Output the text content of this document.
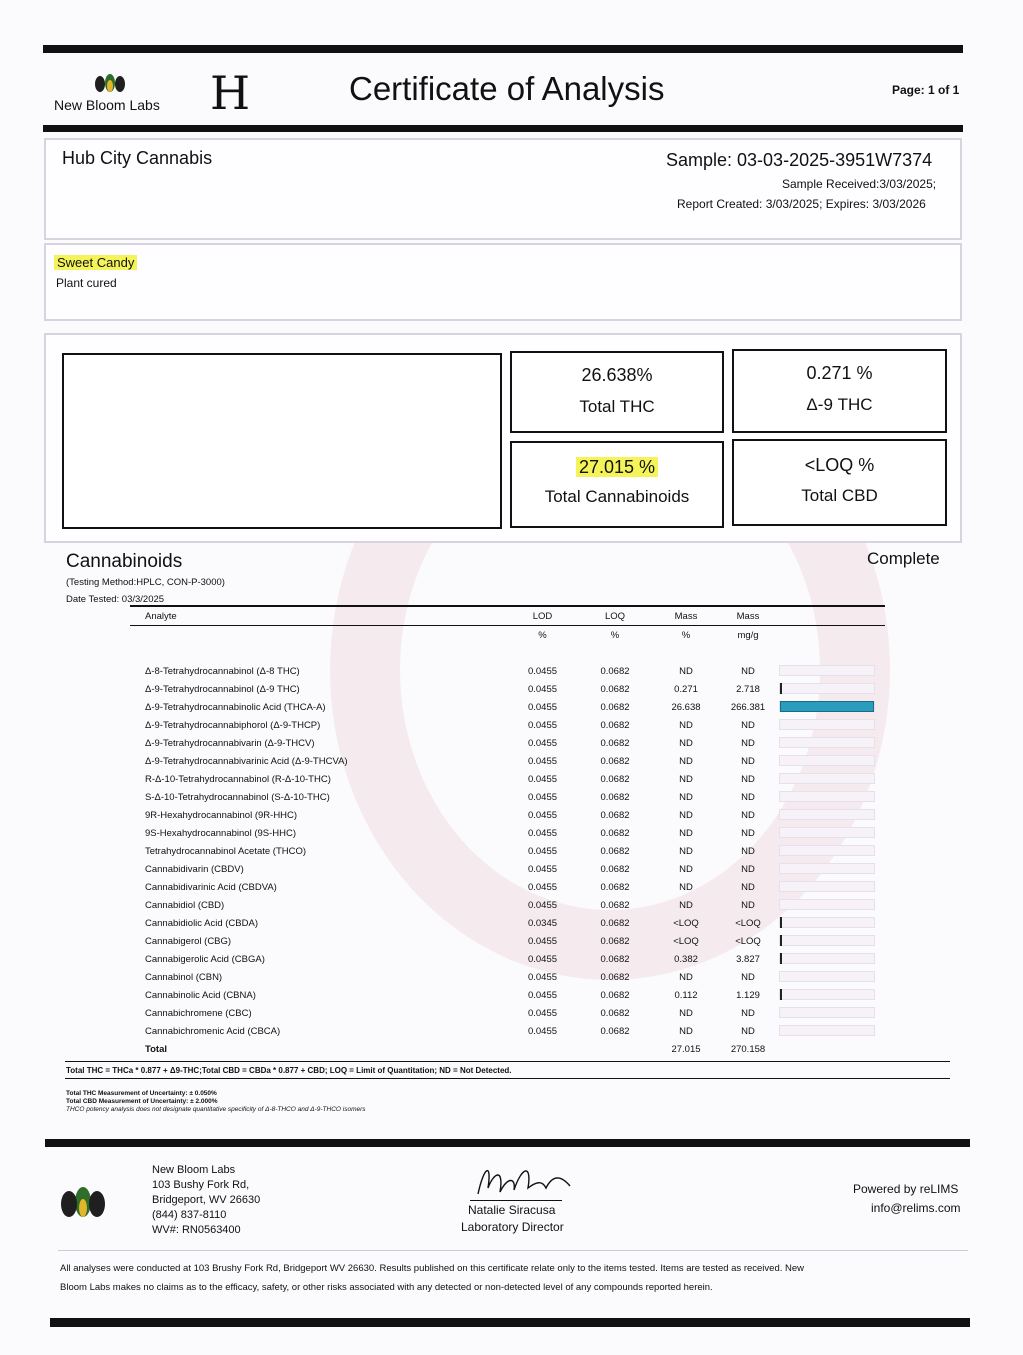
New Bloom Labs H	Certificate of Analysis	Page: 1 of 1
Hub City Cannabis	Sample: 03-03-2025-3951W7374
Sample Received:3/03/2025;
Report Created: 3/03/2025; Expires: 3/03/2026
Sweet Candy
Plant cured
26.638%
Total THC
0.271 %
Δ-9 THC
27.015 %
Total Cannabinoids
<LOQ %
Total CBD
Cannabinoids	Complete
(Testing Method:HPLC, CON-P-3000)
Date Tested: 03/3/2025
Analyte	LOD	LOQ	Mass	Mass	
	%	%	%	mg/g	

Δ-8-Tetrahydrocannabinol (Δ-8 THC)	0.0455	0.0682	ND	ND	
Δ-9-Tetrahydrocannabinol (Δ-9 THC)	0.0455	0.0682	0.271	2.718	

Δ-9-Tetrahydrocannabinolic Acid (THCA-A)	0.0455	0.0682	26.638	266.381	

Δ-9-Tetrahydrocannabiphorol (Δ-9-THCP)	0.0455	0.0682	ND	ND	
Δ-9-Tetrahydrocannabivarin (Δ-9-THCV)	0.0455	0.0682	ND	ND	
Δ-9-Tetrahydrocannabivarinic Acid (Δ-9-THCVA)	0.0455	0.0682	ND	ND	
R-Δ-10-Tetrahydrocannabinol (R-Δ-10-THC)	0.0455	0.0682	ND	ND	
S-Δ-10-Tetrahydrocannabinol (S-Δ-10-THC)	0.0455	0.0682	ND	ND	
9R-Hexahydrocannabinol (9R-HHC)	0.0455	0.0682	ND	ND	
9S-Hexahydrocannabinol (9S-HHC)	0.0455	0.0682	ND	ND	
Tetrahydrocannabinol Acetate (THCO)	0.0455	0.0682	ND	ND	
Cannabidivarin (CBDV)	0.0455	0.0682	ND	ND	
Cannabidivarinic Acid (CBDVA)	0.0455	0.0682	ND	ND	
Cannabidiol (CBD)	0.0455	0.0682	ND	ND	
Cannabidiolic Acid (CBDA)	0.0345	0.0682	<LOQ	<LOQ	

Cannabigerol (CBG)	0.0455	0.0682	<LOQ	<LOQ	

Cannabigerolic Acid (CBGA)	0.0455	0.0682	0.382	3.827	

Cannabinol (CBN)	0.0455	0.0682	ND	ND	
Cannabinolic Acid (CBNA)	0.0455	0.0682	0.112	1.129	

Cannabichromene (CBC)	0.0455	0.0682	ND	ND	
Cannabichromenic Acid (CBCA)	0.0455	0.0682	ND	ND	
Total			27.015	270.158	
Total THC = THCa * 0.877 + Δ9-THC;Total CBD = CBDa * 0.877 + CBD; LOQ = Limit of Quantitation; ND = Not Detected.
Total THC Measurement of Uncertainty: ± 0.050%
Total CBD Measurement of Uncertainty: ± 2.000%
THCO potency analysis does not designate quantitative specificity of Δ-8-THCO and Δ-9-THCO isomers
New Bloom Labs
103 Bushy Fork Rd,
Bridgeport, WV 26630
(844) 837-8110
WV#: RN0563400
Natalie Siracusa
Laboratory Director
Powered by reLIMS
info@relims.com
All analyses were conducted at 103 Brushy Fork Rd, Bridgeport WV 26630. Results published on this certificate relate only to the items tested. Items are tested as received. New
Bloom Labs makes no claims as to the efficacy, safety, or other risks associated with any detected or non-detected level of any compounds reported herein.
